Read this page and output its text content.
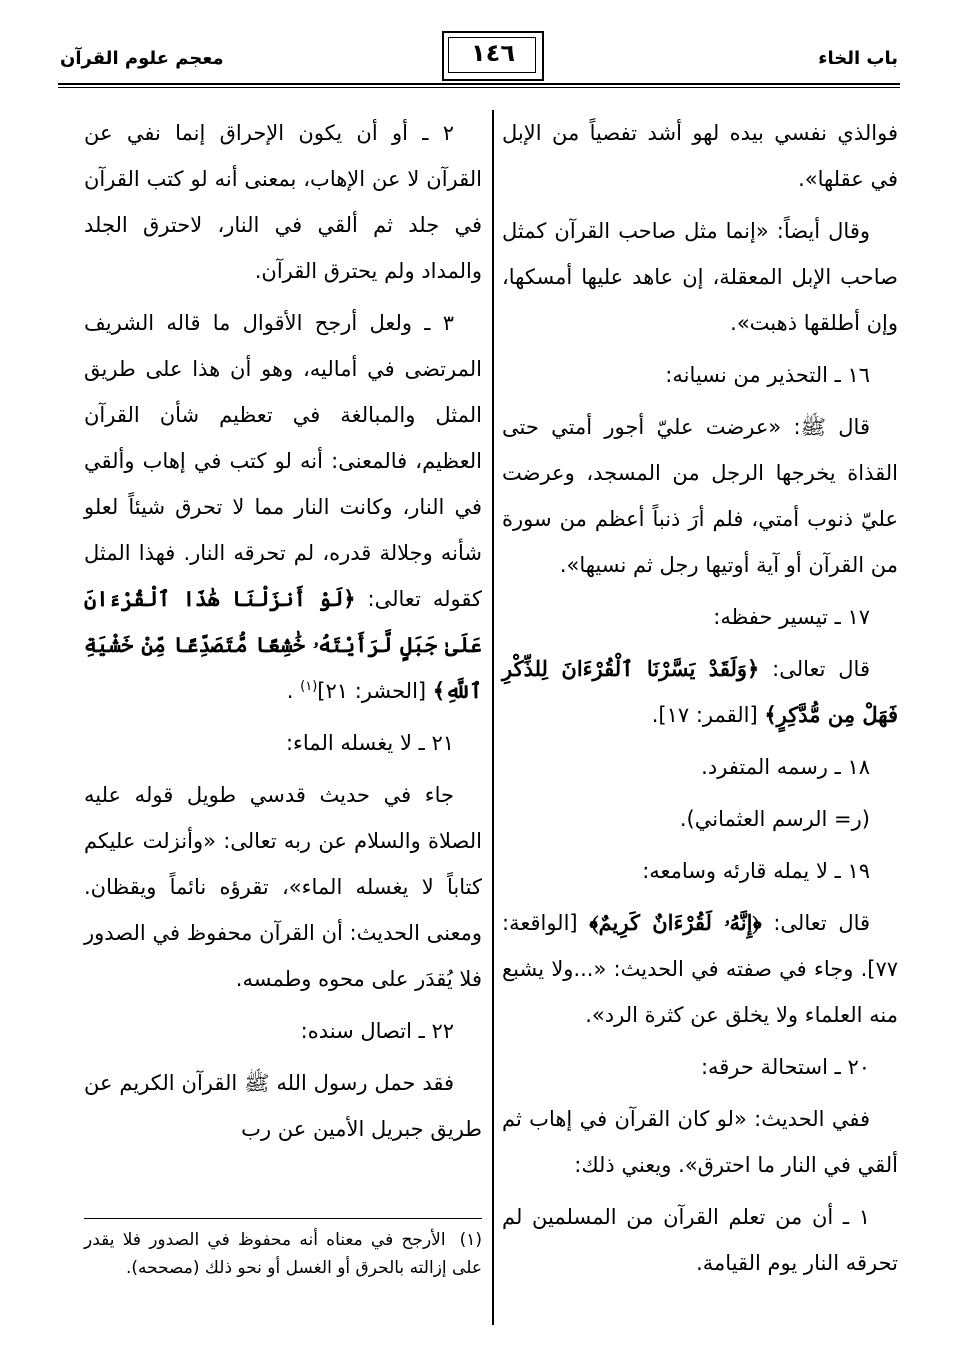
باب الخاء
١٤٦
معجم علوم القرآن

فوالذي نفسي بيده لهو أشد تفصياً من الإبل في عقلها».

وقال أيضاً: «إنما مثل صاحب القرآن كمثل صاحب الإبل المعقلة، إن عاهد عليها أمسكها، وإن أطلقها ذهبت».

١٦ ـ التحذير من نسيانه:

قال ﷺ: «عرضت عليّ أجور أمتي حتى القذاة يخرجها الرجل من المسجد، وعرضت عليّ ذنوب أمتي، فلم أرَ ذنباً أعظم من سورة من القرآن أو آية أوتيها رجل ثم نسيها».

١٧ ـ تيسير حفظه:

قال تعالى: ﴿وَلَقَدْ يَسَّرْنَا ٱلْقُرْءَانَ لِلذِّكْرِ فَهَلْ مِن مُّدَّكِرٍ﴾ [القمر: ١٧].

١٨ ـ رسمه المتفرد.

(ر= الرسم العثماني).

١٩ ـ لا يمله قارئه وسامعه:

قال تعالى: ﴿إِنَّهُۥ لَقُرْءَانٌ كَرِيمٌ﴾ [الواقعة: ٧٧]. وجاء في صفته في الحديث: «...ولا يشبع منه العلماء ولا يخلق عن كثرة الرد».

٢٠ ـ استحالة حرقه:

ففي الحديث: «لو كان القرآن في إهاب ثم ألقي في النار ما احترق». ويعني ذلك:

١ ـ أن من تعلم القرآن من المسلمين لم تحرقه النار يوم القيامة.

٢ ـ أو أن يكون الإحراق إنما نفي عن القرآن لا عن الإهاب، بمعنى أنه لو كتب القرآن في جلد ثم ألقي في النار، لاحترق الجلد والمداد ولم يحترق القرآن.

٣ ـ ولعل أرجح الأقوال ما قاله الشريف المرتضى في أماليه، وهو أن هذا على طريق المثل والمبالغة في تعظيم شأن القرآن العظيم، فالمعنى: أنه لو كتب في إهاب وألقي في النار، وكانت النار مما لا تحرق شيئاً لعلو شأنه وجلالة قدره، لم تحرقه النار. فهذا المثل كقوله تعالى: ﴿لَوْ أَنزَلْنَا هَٰذَا ٱلْقُرْءَانَ عَلَىٰ جَبَلٍ لَّرَأَيْتَهُۥ خَٰشِعًا مُّتَصَدِّعًا مِّنْ خَشْيَةِ ٱللَّهِ﴾ [الحشر: ٢١]$^{(١)}$ .

٢١ ـ لا يغسله الماء:

جاء في حديث قدسي طويل قوله عليه الصلاة والسلام عن ربه تعالى: «وأنزلت عليكم كتاباً لا يغسله الماء»، تقرؤه نائماً ويقظان. ومعنى الحديث: أن القرآن محفوظ في الصدور فلا يُقدَر على محوه وطمسه.

٢٢ ـ اتصال سنده:

فقد حمل رسول الله ﷺ القرآن الكريم عن طريق جبريل الأمين عن رب

(١)
الأرجح في معناه أنه محفوظ في الصدور فلا يقدر على إزالته بالحرق أو الغسل أو نحو ذلك (مصححه).
